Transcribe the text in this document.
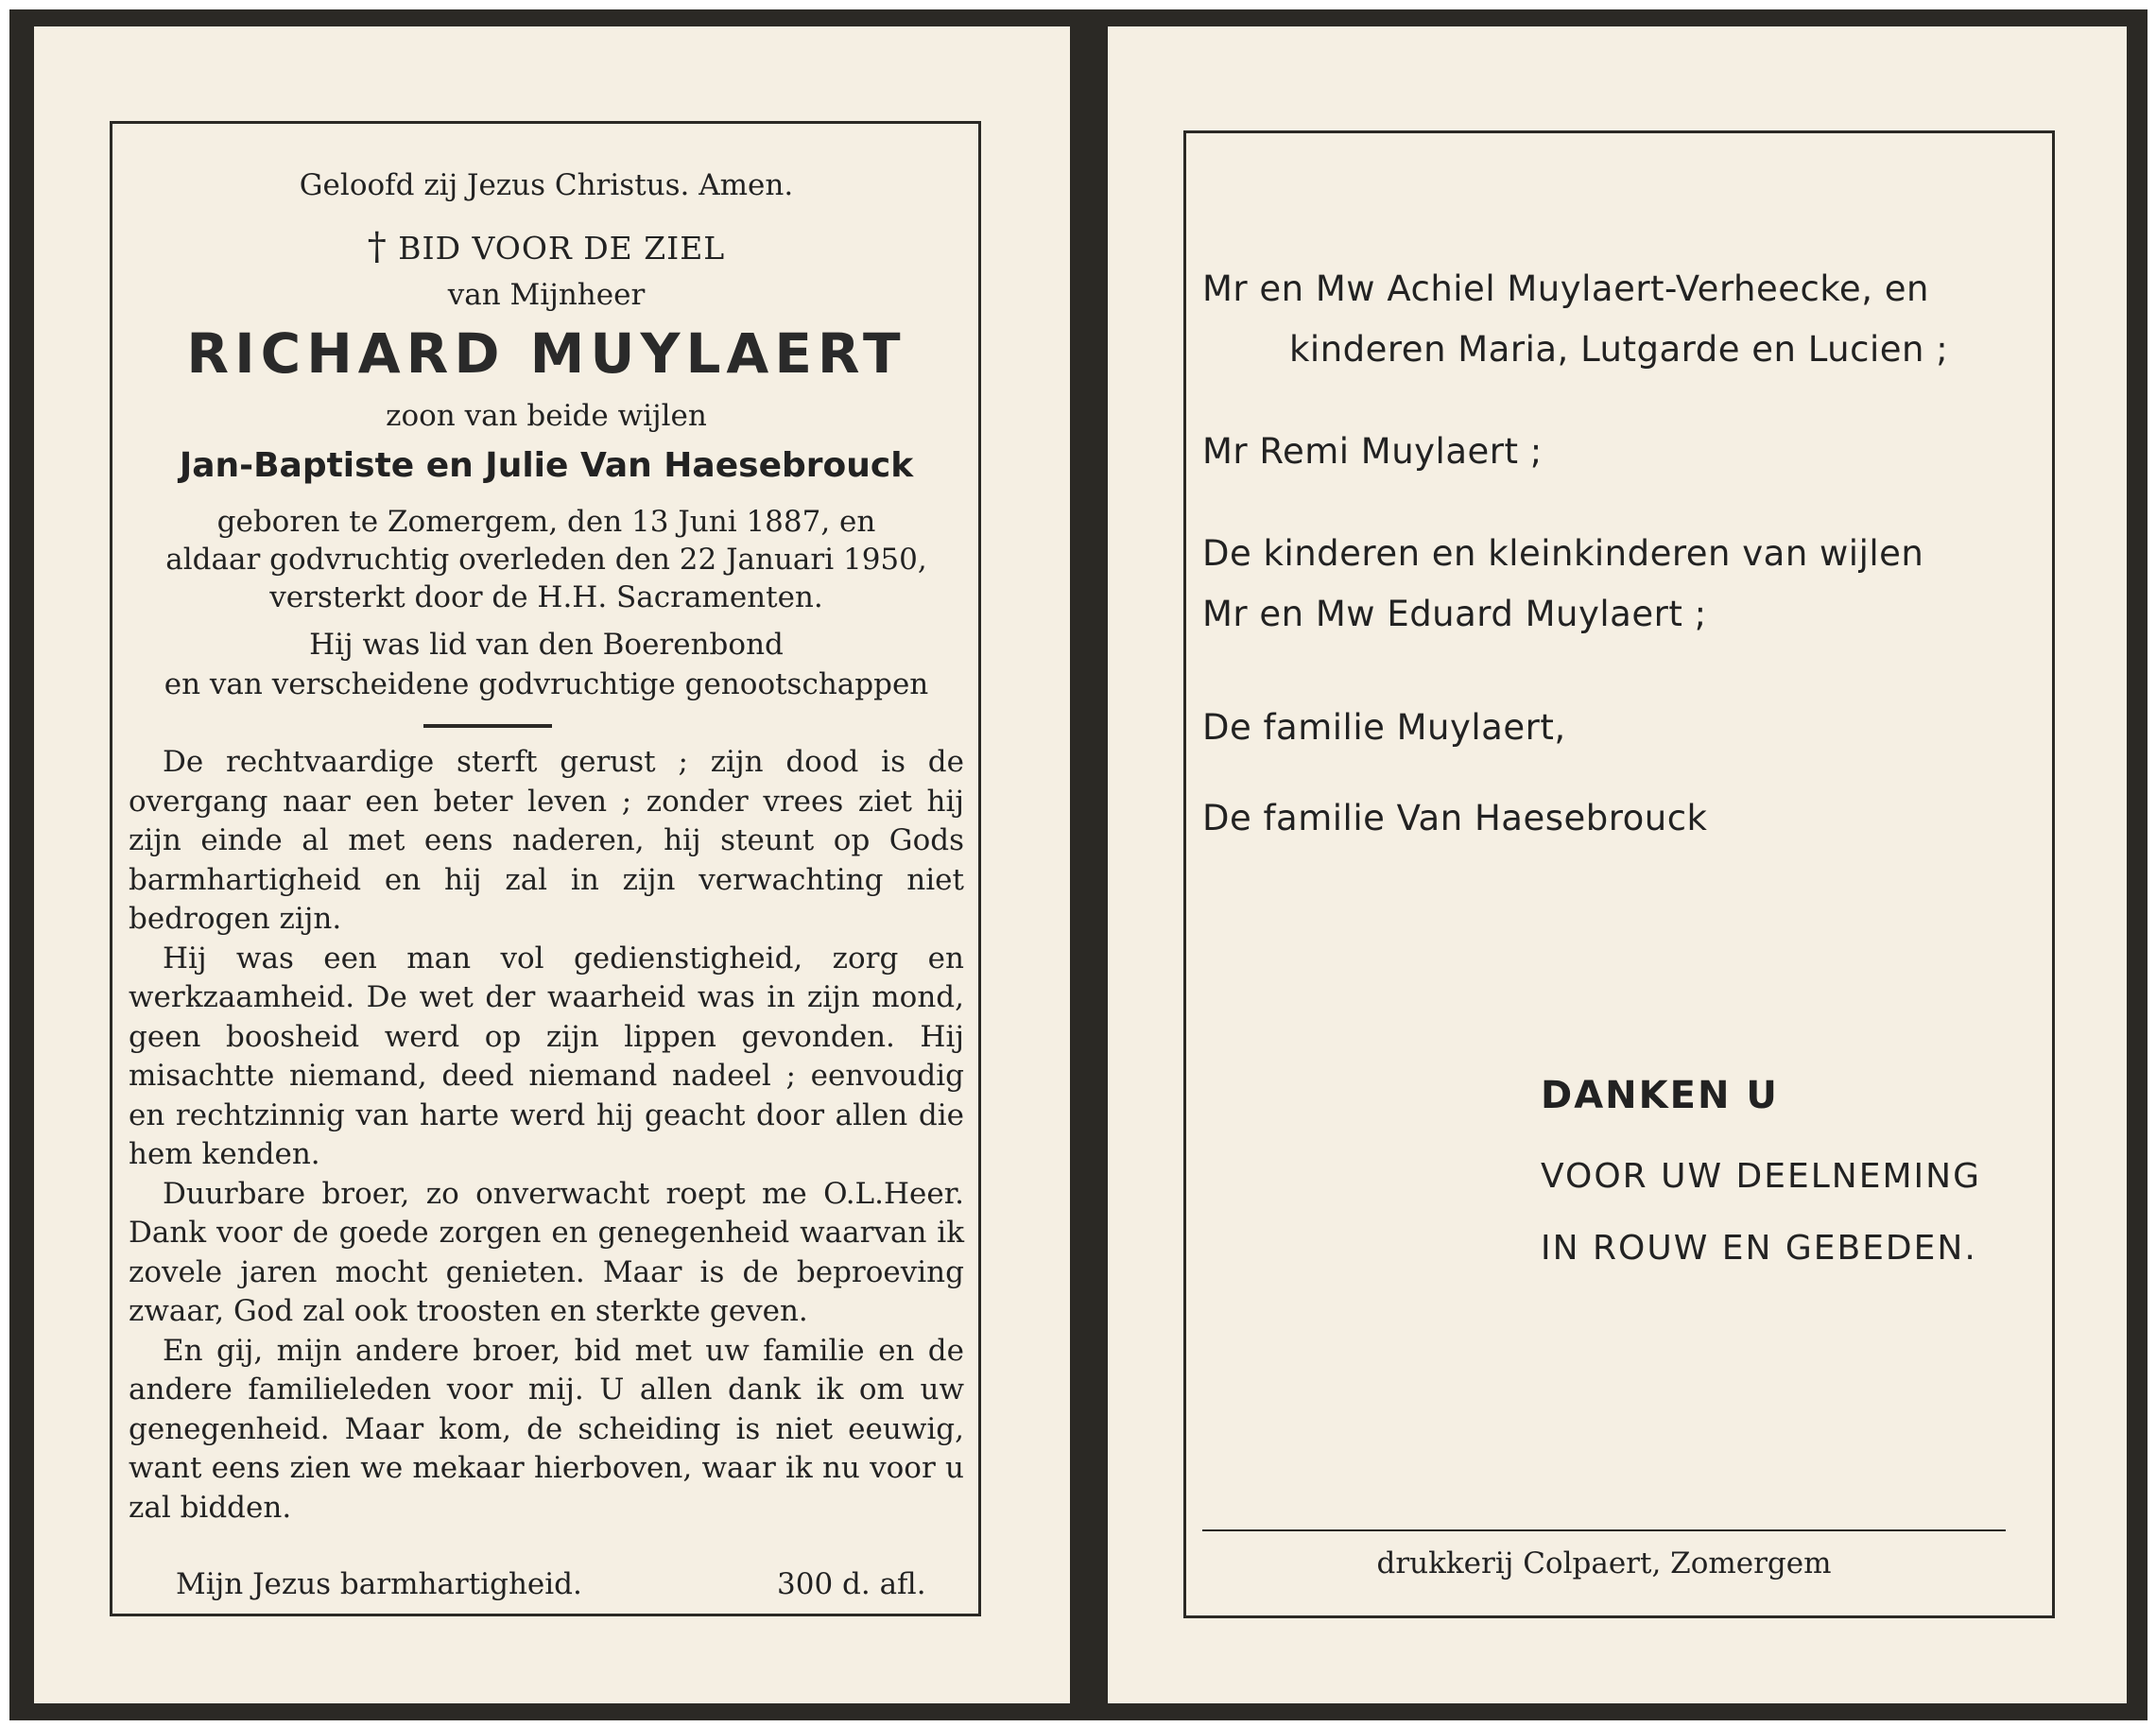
Geloofd zij Jezus Christus. Amen.
† BID VOOR DE ZIEL
van Mijnheer
RICHARD MUYLAERT
zoon van beide wijlen
Jan-Baptiste en Julie Van Haesebrouck
geboren te Zomergem, den 13 Juni 1887, en
aldaar godvruchtig overleden den 22 Januari 1950,
versterkt door de H.H. Sacramenten.
Hij was lid van den Boerenbond
en van verscheidene godvruchtige genootschappen

De rechtvaardige sterft gerust ; zijn dood is de overgang naar een beter leven ; zonder vrees ziet hij zijn einde al met eens naderen, hij steunt op Gods barmhartigheid en hij zal in zijn verwachting niet bedrogen zijn.

Hij was een man vol gedienstigheid, zorg en werkzaamheid. De wet der waarheid was in zijn mond, geen boosheid werd op zijn lippen gevonden. Hij misachtte niemand, deed niemand nadeel ; eenvoudig en rechtzinnig van harte werd hij geacht door allen die hem kenden.

Duurbare broer, zo onverwacht roept me O.L.Heer. Dank voor de goede zorgen en genegenheid waarvan ik zovele jaren mocht genieten. Maar is de beproeving zwaar, God zal ook troosten en sterkte geven.

En gij, mijn andere broer, bid met uw familie en de andere familieleden voor mij. U allen dank ik om uw genegenheid. Maar kom, de scheiding is niet eeuwig, want eens zien we mekaar hierboven, waar ik nu voor u zal bidden.

Mijn Jezus barmhartigheid.	300 d. afl.
Mr en Mw Achiel Muylaert-Verheecke, en
kinderen Maria, Lutgarde en Lucien ;
Mr Remi Muylaert ;
De kinderen en kleinkinderen van wijlen
Mr en Mw Eduard Muylaert ;
De familie Muylaert,
De familie Van Haesebrouck
DANKEN U
VOOR UW DEELNEMING
IN ROUW EN GEBEDEN.
drukkerij Colpaert, Zomergem
